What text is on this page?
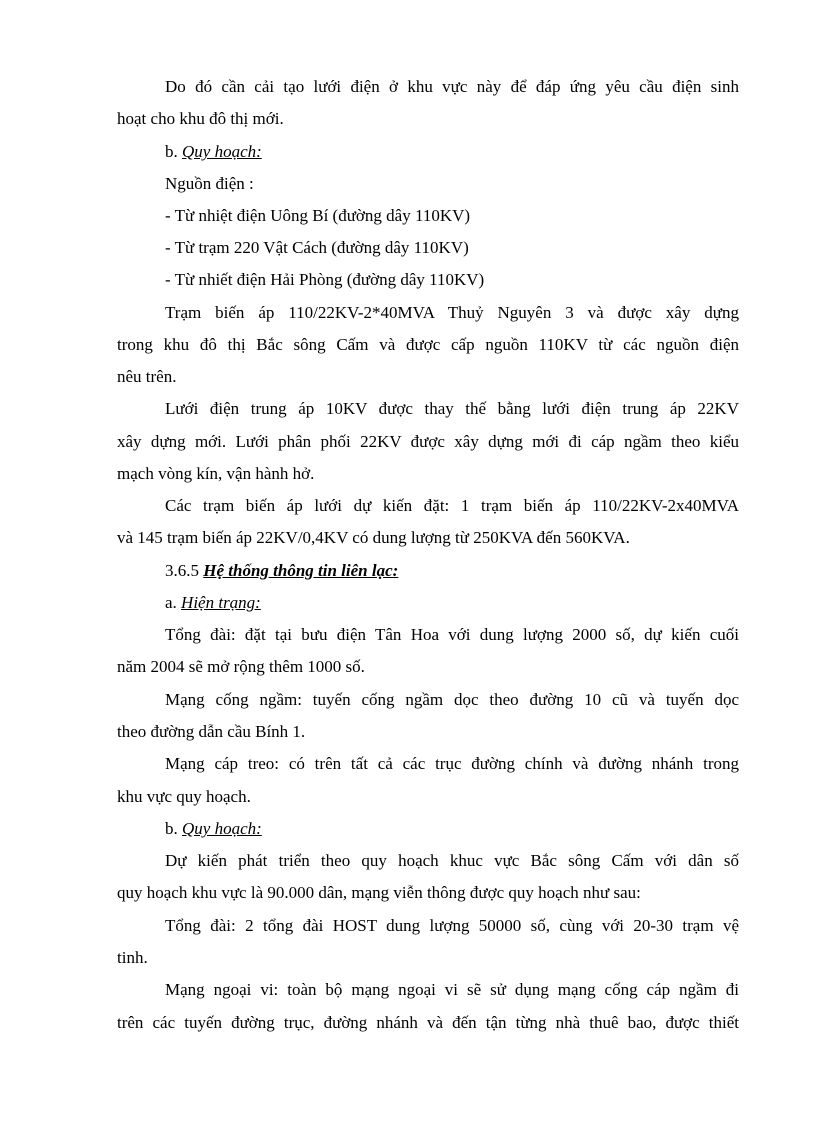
Do đó cần cải tạo lưới điện ở khu vực này để đáp ứng yêu cầu điện sinh
hoạt cho khu đô thị mới.
b. Quy hoạch:
Nguồn điện :
- Từ nhiệt điện Uông Bí (đường dây 110KV)
- Từ trạm 220 Vật Cách (đường dây 110KV)
- Từ nhiết điện Hải Phòng (đường dây 110KV)
Trạm biến áp 110/22KV-2*40MVA Thuỷ Nguyên 3 và được xây dựng
trong khu đô thị Bắc sông Cấm và được cấp nguồn 110KV từ các nguồn điện
nêu trên.
Lưới điện trung áp 10KV được thay thế bằng lưới điện trung áp 22KV
xây dựng mới. Lưới phân phối 22KV được xây dựng mới đi cáp ngầm theo kiểu
mạch vòng kín, vận hành hở.
Các trạm biến áp lưới dự kiến đặt: 1 trạm biến áp 110/22KV-2x40MVA
và 145 trạm biến áp 22KV/0,4KV có dung lượng từ 250KVA đến 560KVA.
3.6.5 Hệ thống thông tin liên lạc:
a. Hiện trạng:
Tổng đài: đặt tại bưu điện Tân Hoa với dung lượng 2000 số, dự kiến cuối
năm 2004 sẽ mở rộng thêm 1000 số.
Mạng cống ngầm: tuyến cống ngầm dọc theo đường 10 cũ và tuyến dọc
theo đường dẫn cầu Bính 1.
Mạng cáp treo: có trên tất cả các trục đường chính và đường nhánh trong
khu vực quy hoạch.
b. Quy hoạch:
Dự kiến phát triển theo quy hoạch khuc vực Bắc sông Cấm với dân số
quy hoạch khu vực là 90.000 dân, mạng viễn thông được quy hoạch như sau:
Tổng đài: 2 tổng đài HOST dung lượng 50000 số, cùng với 20-30 trạm vệ
tinh.
Mạng ngoại vi: toàn bộ mạng ngoại vi sẽ sử dụng mạng cống cáp ngầm đi
trên các tuyến đường trục, đường nhánh và đến tận từng nhà thuê bao, được thiết
